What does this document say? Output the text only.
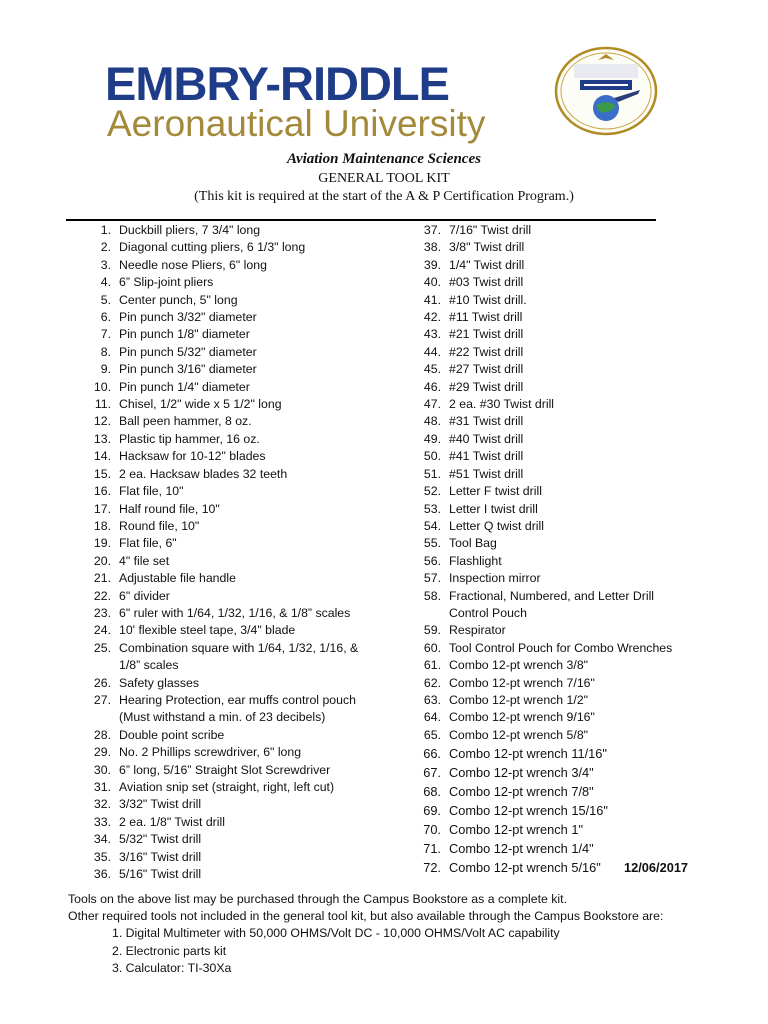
EMBRY-RIDDLE
Aeronautical University
Aviation Maintenance Sciences
GENERAL TOOL KIT
(This kit is required at the start of the A & P Certification Program.)
1. Duckbill pliers, 7 3/4" long
2. Diagonal cutting pliers, 6 1/3" long
3. Needle nose Pliers, 6" long
4. 6” Slip-joint pliers
5. Center punch, 5" long
6. Pin punch 3/32" diameter
7. Pin punch 1/8" diameter
8. Pin punch 5/32" diameter
9. Pin punch 3/16" diameter
10. Pin punch 1/4" diameter
11. Chisel, 1/2" wide x 5 1/2" long
12. Ball peen hammer, 8 oz.
13. Plastic tip hammer, 16 oz.
14. Hacksaw for 10-12" blades
15. 2 ea. Hacksaw blades 32 teeth
16. Flat file, 10"
17. Half round file, 10"
18. Round file, 10"
19. Flat file, 6"
20. 4" file set
21. Adjustable file handle
22. 6" divider
23. 6" ruler with 1/64, 1/32, 1/16, & 1/8” scales
24. 10' flexible steel tape, 3/4" blade
25. Combination square with 1/64, 1/32, 1/16, &
1/8” scales
26. Safety glasses
27. Hearing Protection, ear muffs control pouch
(Must withstand a min. of 23 decibels)
28. Double point scribe
29. No. 2 Phillips screwdriver, 6" long
30. 6” long, 5/16” Straight Slot Screwdriver
31. Aviation snip set (straight, right, left cut)
32. 3/32" Twist drill
33. 2 ea. 1/8" Twist drill
34. 5/32" Twist drill
35. 3/16" Twist drill
36. 5/16" Twist drill
37. 7/16" Twist drill
38. 3/8" Twist drill
39. 1/4" Twist drill
40. #03 Twist drill
41. #10 Twist drill.
42. #11 Twist drill
43. #21 Twist drill
44. #22 Twist drill
45. #27 Twist drill
46. #29 Twist drill
47. 2 ea. #30 Twist drill
48. #31 Twist drill
49. #40 Twist drill
50. #41 Twist drill
51. #51 Twist drill
52. Letter F twist drill
53. Letter I twist drill
54. Letter Q twist drill
55. Tool Bag
56. Flashlight
57. Inspection mirror
58. Fractional, Numbered, and Letter Drill
Control Pouch
59. Respirator
60. Tool Control Pouch for Combo Wrenches
61. Combo 12-pt wrench 3/8"
62. Combo 12-pt wrench 7/16"
63. Combo 12-pt wrench 1/2"
64. Combo 12-pt wrench 9/16"
65. Combo 12-pt wrench 5/8"
66. Combo 12-pt wrench 11/16"
67. Combo 12-pt wrench 3/4"
68. Combo 12-pt wrench 7/8"
69. Combo 12-pt wrench 15/16"
70. Combo 12-pt wrench 1"
71. Combo 12-pt wrench 1/4"
72. Combo 12-pt wrench 5/16"	12/06/2017
Tools on the above list may be purchased through the Campus Bookstore as a complete kit.
Other required tools not included in the general tool kit, but also available through the Campus Bookstore are:
1. Digital Multimeter with 50,000 OHMS/Volt DC - 10,000 OHMS/Volt AC capability
2. Electronic parts kit
3. Calculator: TI-30Xa
